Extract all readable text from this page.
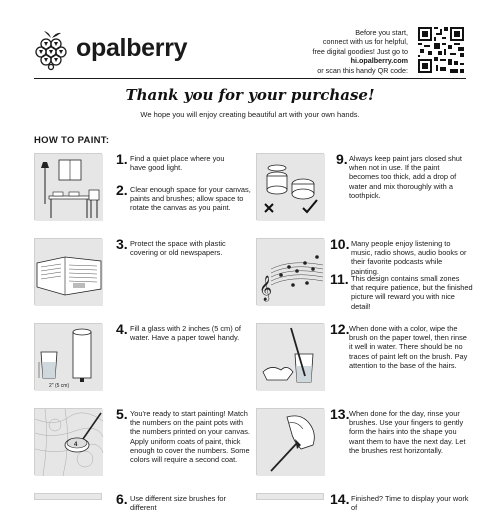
opalberry
Before you start,
connect with us for helpful,
free digital goodies! Just go to
hi.opalberry.com
or scan this handy QR code:
Thank you for your purchase!
We hope you will enjoy creating beautiful art with your own hands.
HOW TO PAINT:
1. Find a quiet place where you have good light.
2. Clear enough space for your canvas, paints and brushes; allow space to rotate the canvas as you paint.
3. Protect the space with plastic covering or old newspapers.
2" (5 cm)
4. Fill a glass with 2 inches (5 cm) of water. Have a paper towel handy.
4
5. You're ready to start painting! Match the numbers on the paint pots with the numbers printed on your canvas. Apply uniform coats of paint, thick enough to cover the numbers. Some colors will require a second coat.
6. Use different size brushes for different
9. Always keep paint jars closed shut when not in use. If the paint becomes too thick, add a drop of water and mix thoroughly with a toothpick.
𝄞
10. Many people enjoy listening to music, radio shows, audio books or their favorite podcasts while painting.
11. This design contains small zones that require patience, but the finished picture will reward you with nice detail!
12. When done with a color, wipe the brush on the paper towel, then rinse it well in water. There should be no traces of paint left on the brush. Pay attention to the base of the hairs.
13. When done for the day, rinse your brushes. Use your fingers to gently form the hairs into the shape you want them to have the next day. Let the brushes rest horizontally.
14. Finished? Time to display your work of
